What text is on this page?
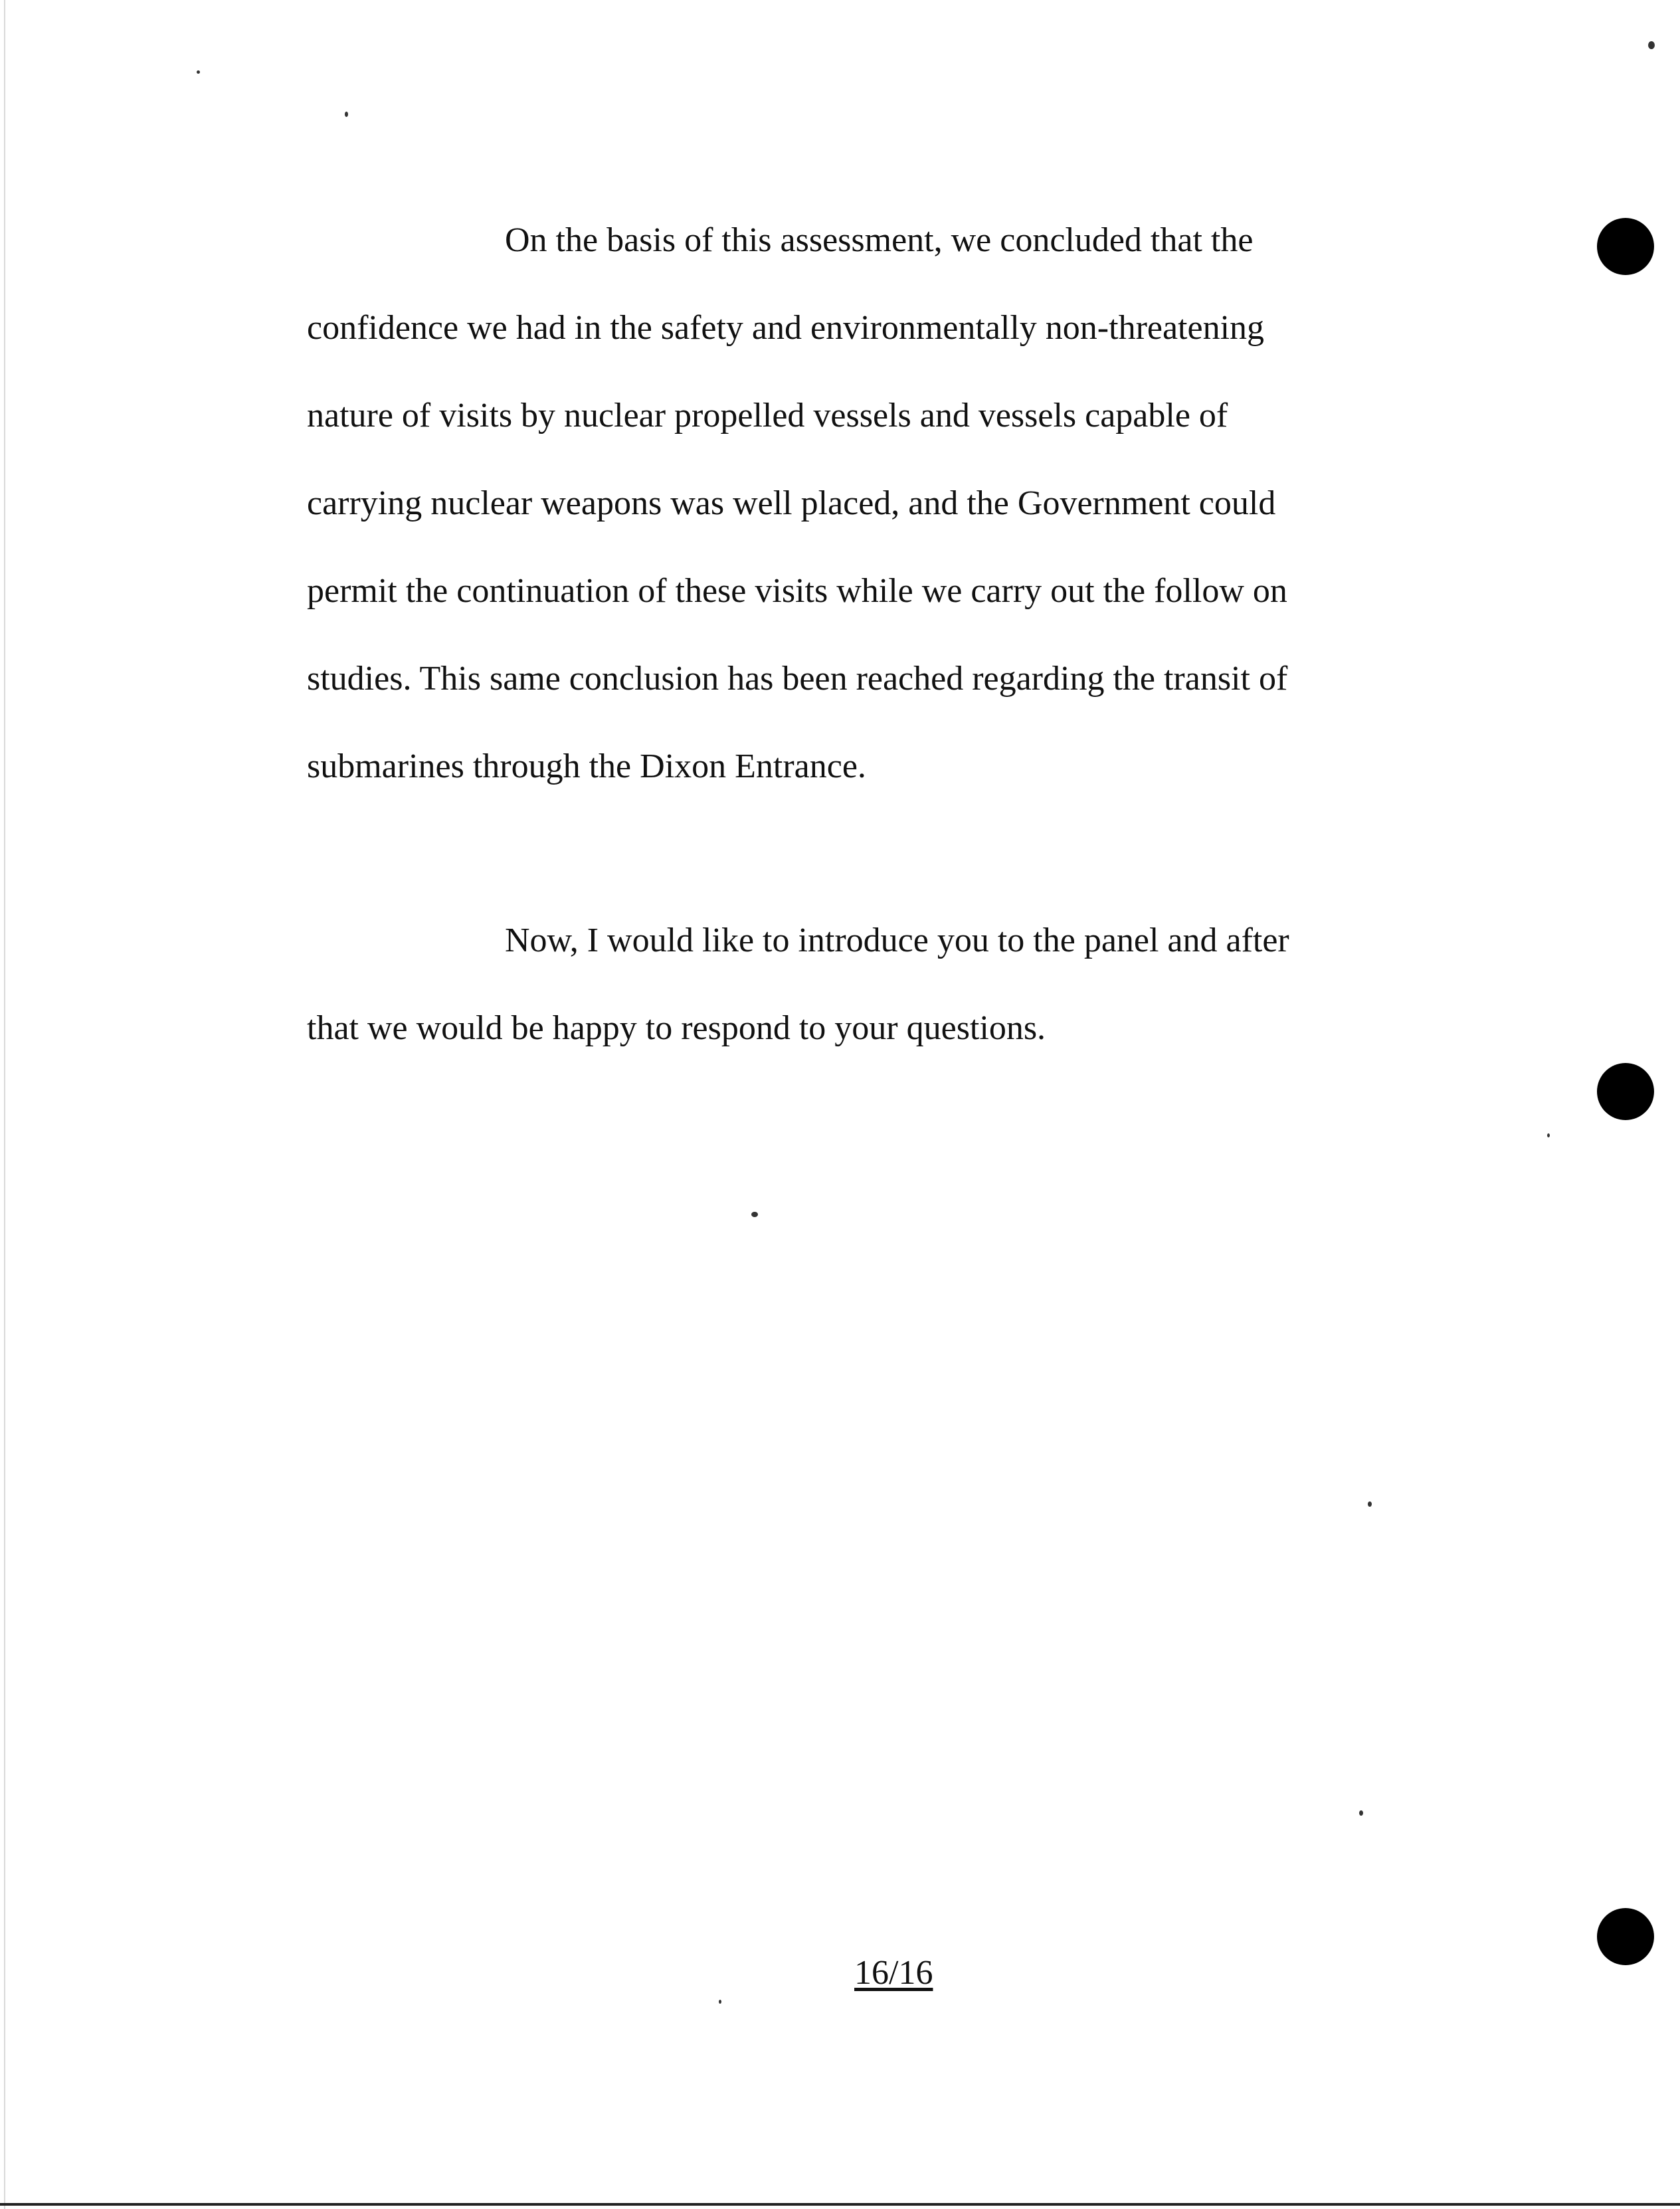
On the basis of this assessment, we concluded that the
confidence we had in the safety and environmentally non-threatening
nature of visits by nuclear propelled vessels and vessels capable of
carrying nuclear weapons was well placed, and the Government could
permit the continuation of these visits while we carry out the follow on
studies. This same conclusion has been reached regarding the transit of
submarines through the Dixon Entrance.
Now, I would like to introduce you to the panel and after
that we would be happy to respond to your questions.
16/16
